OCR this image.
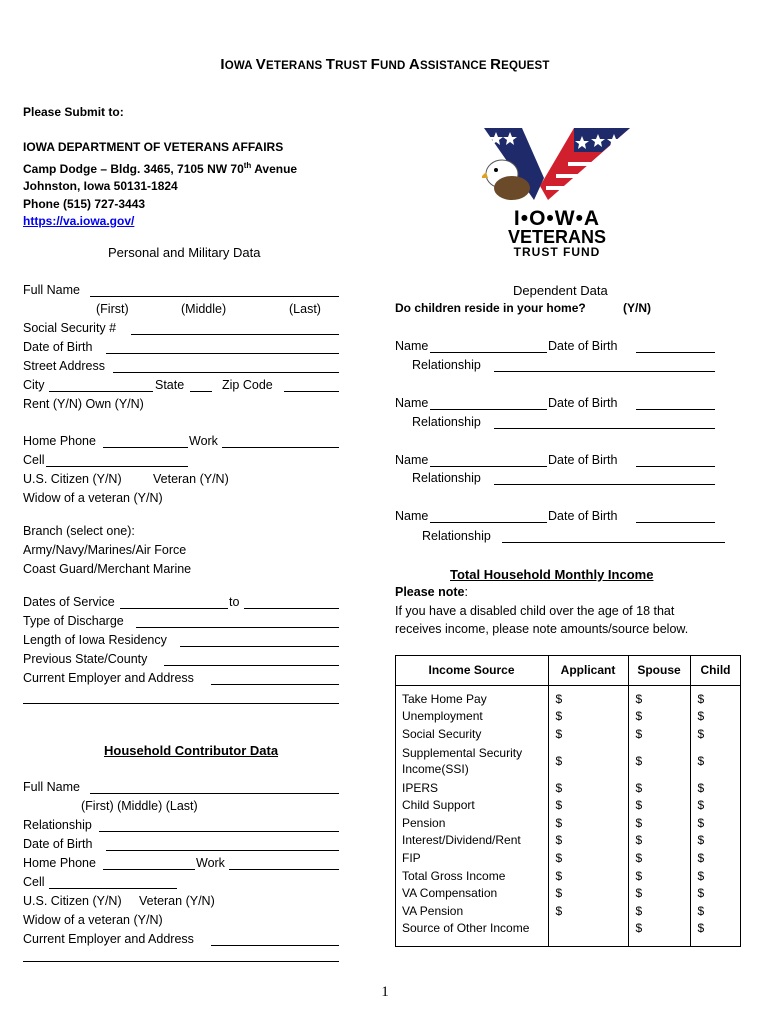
IOWA VETERANS TRUST FUND ASSISTANCE REQUEST
Please Submit to:
IOWA DEPARTMENT OF VETERANS AFFAIRS
Camp Dodge – Bldg. 3465, 7105 NW 70th Avenue
Johnston, Iowa 50131-1824
Phone (515) 727-3443
https://va.iowa.gov/	I•O•W•A
VETERANS
TRUST FUND
Personal and Military Data
Full Name
(First)	(Middle)	(Last)
Social Security #
Date of Birth
Street Address
City	State	Zip Code
Rent (Y/N) Own (Y/N)
Home Phone	Work
Cell
U.S. Citizen (Y/N)	Veteran (Y/N)
Widow of a veteran (Y/N)
Branch (select one):
Army/Navy/Marines/Air Force
Coast Guard/Merchant Marine
Dates of Service	to
Type of Discharge
Length of Iowa Residency
Previous State/County
Current Employer and Address
Household Contributor Data
Full Name
(First) (Middle) (Last)
Relationship
Date of Birth
Home Phone	Work
Cell
U.S. Citizen (Y/N) Veteran (Y/N)
Widow of a veteran (Y/N)
Current Employer and Address
Dependent Data
Do children reside in your home?	(Y/N)
Name	Date of Birth
Relationship
Name	Date of Birth
Relationship
Name	Date of Birth
Relationship
Name	Date of Birth
Relationship
Total Household Monthly Income
Please note:
If you have a disabled child over the age of 18 that
receives income, please note amounts/source below.
Income Source	Applicant	Spouse	Child
Take Home Pay	$	$	$
Unemployment	$	$	$
Social Security	$	$	$

Supplemental Security
Income(SSI)	$	$	$
IPERS	$	$	$
Child Support	$	$	$
Pension	$	$	$
Interest/Dividend/Rent	$	$	$
FIP	$	$	$
Total Gross Income	$	$	$
VA Compensation	$	$	$
VA Pension	$	$	$
Source of Other Income		$	$
1
